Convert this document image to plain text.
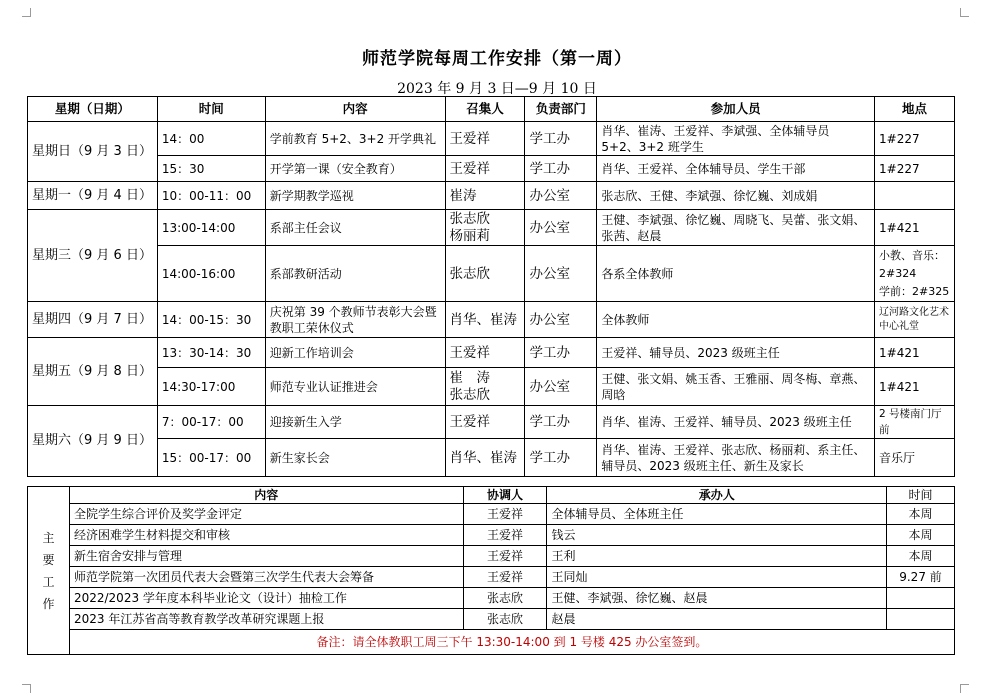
师范学院每周工作安排（第一周）
2023 年 9 月 3 日—9 月 10 日
星期（日期）	时间	内容	召集人	负责部门	参加人员	地点
星期日（9 月 3 日）	14：00	学前教育 5+2、3+2 开学典礼	王爱祥	学工办	肖华、崔涛、王爱祥、李斌强、全体辅导员 5+2、3+2 班学生	1#227
	15：30	开学第一课（安全教育）	王爱祥	学工办	肖华、王爱祥、全体辅导员、学生干部	1#227
星期一（9 月 4 日）	10：00-11：00	新学期教学巡视	崔涛	办公室	张志欣、王健、李斌强、徐忆巍、刘成娟	
星期三（9 月 6 日）	13:00-14:00	系部主任会议	张志欣
杨丽莉	办公室	王健、李斌强、徐忆巍、周晓飞、吴蕾、张文娟、张茜、赵晨	1#421
	14:00-16:00	系部教研活动	张志欣	办公室	各系全体教师	小教、音乐：2#324
学前：2#325
星期四（9 月 7 日）	14：00-15：30	庆祝第 39 个教师节表彰大会暨教职工荣休仪式	肖华、崔涛	办公室	全体教师	辽河路文化艺术中心礼堂
星期五（9 月 8 日）	13：30-14：30	迎新工作培训会	王爱祥	学工办	王爱祥、辅导员、2023 级班主任	1#421
	14:30-17:00	师范专业认证推进会	崔　涛
张志欣	办公室	王健、张文娟、姚玉香、王雅丽、周冬梅、章燕、周晗	1#421
星期六（9 月 9 日）	7：00-17：00	迎接新生入学	王爱祥	学工办	肖华、崔涛、王爱祥、辅导员、2023 级班主任	2 号楼南门厅前
	15：00-17：00	新生家长会	肖华、崔涛	学工办	肖华、崔涛、王爱祥、张志欣、杨丽莉、系主任、辅导员、2023 级班主任、新生及家长	音乐厅
主要工作	内容	协调人	承办人	时间
	全院学生综合评价及奖学金评定	王爱祥	全体辅导员、全体班主任	本周
	经济困难学生材料提交和审核	王爱祥	钱云	本周
	新生宿舍安排与管理	王爱祥	王利	本周
	师范学院第一次团员代表大会暨第三次学生代表大会筹备	王爱祥	王同灿	9.27 前
	2022/2023 学年度本科毕业论文（设计）抽检工作	张志欣	王健、李斌强、徐忆巍、赵晨	
	2023 年江苏省高等教育教学改革研究课题上报	张志欣	赵晨	
	备注：请全体教职工周三下午 13:30-14:00 到 1 号楼 425 办公室签到。			
